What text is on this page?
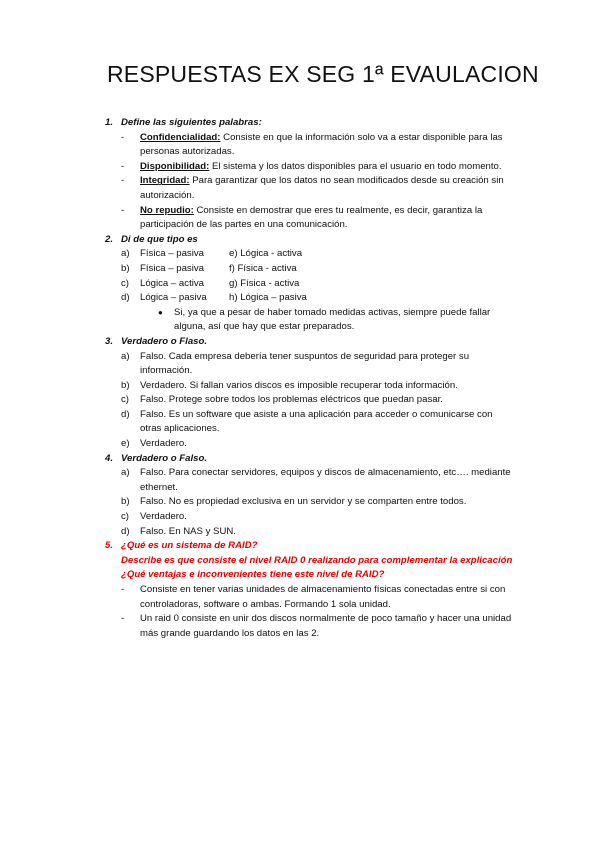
RESPUESTAS EX SEG 1ª EVAULACION
1. Define las siguientes palabras:
- Confidencialidad: Consiste en que la información solo va a estar disponible para las personas autorizadas.
- Disponibilidad: El sistema y los datos disponibles para el usuario en todo momento.
- Integridad: Para garantizar que los datos no sean modificados desde su creación sin autorización.
- No repudio: Consiste en demostrar que eres tu realmente, es decir, garantiza la participación de las partes en una comunicación.
2. Di de que tipo es
a) Física – pasiva	e) Lógica - activa
b) Física – pasiva	f) Física - activa
c) Lógica – activa	g) Física - activa
d) Lógica – pasiva h) Lógica – pasiva
● Si, ya que a pesar de haber tomado medidas activas, siempre puede fallar alguna, así que hay que estar preparados.
3. Verdadero o Flaso.
a) Falso. Cada empresa debería tener suspuntos de seguridad para proteger su información.
b) Verdadero. Si fallan varios discos es imposible recuperar toda información.
c) Falso. Protege sobre todos los problemas eléctricos que puedan pasar.
d) Falso. Es un software que asiste a una aplicación para acceder o comunicarse con otras aplicaciones.
e) Verdadero.
4. Verdadero o Falso.
a) Falso. Para conectar servidores, equipos y discos de almacenamiento, etc…. mediante ethernet.
b) Falso. No es propiedad exclusiva en un servidor y se comparten entre todos.
c) Verdadero.
d) Falso. En NAS y SUN.
5. ¿Qué es un sistema de RAID?
Describe es que consiste el nivel RAID 0 realizando para complementar la explicación
¿Qué ventajas e inconvenientes tiene este nivel de RAID?
- Consiste en tener varias unidades de almacenamiento físicas conectadas entre si con controladoras, software o ambas. Formando 1 sola unidad.
- Un raid 0 consiste en unir dos discos normalmente de poco tamaño y hacer una unidad más grande guardando los datos en las 2.
